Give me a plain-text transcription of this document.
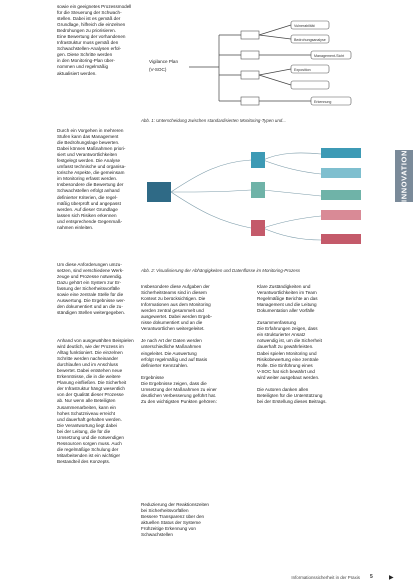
Vigilance Plan
(V-SOC)
Vulnerabilität
Bedrohungsanalyse
Management-Sicht
Exposition
Erkennung
Abb. 1: Unterscheidung zwischen standardisierten Monitoring-Typen und...
Abb. 2: Visualisierung der Abhängigkeiten und Datenflüsse im Monitoring-Prozess
INNOVATION
sowie ein geeignetes Prozessmodell
für die Steuerung der Schwach-
stellen. Dabei ist es gemäß der
Grundlage, hilfreich die einzelnen
Bedrohungen zu priorisieren.
Eine Bewertung der vorhandenen
Infrastruktur muss gemäß den
Schwachstellen-Analysen erfol-
gen. Diese Schritte werden
in den Monitoring-Plan über-
nommen und regelmäßig
aktualisiert werden.
Durch ein Vorgehen in mehreren
Stufen kann das Management
die Bedrohungslage bewerten.
Dabei können Maßnahmen priori-
siert und Verantwortlichkeiten
festgelegt werden. Die Analyse
umfasst technische und organisa-
torische Aspekte, die gemeinsam
im Monitoring erfasst werden.
Insbesondere die Bewertung der
Schwachstellen erfolgt anhand
definierter Kriterien, die regel-
mäßig überprüft und angepasst
werden. Auf dieser Grundlage
lassen sich Risiken erkennen
und entsprechende Gegenmaß-
nahmen einleiten.
Um diese Anforderungen umzu-
setzen, sind verschiedene Werk-
zeuge und Prozesse notwendig.
Dazu gehört ein System zur Er-
fassung der Sicherheitsvorfälle
sowie eine zentrale Stelle für die
Auswertung. Die Ergebnisse wer-
den dokumentiert und an die zu-
ständigen Stellen weitergegeben.
Anhand von ausgewählten Beispielen
wird deutlich, wie der Prozess im
Alltag funktioniert. Die einzelnen
Schritte werden nacheinander
durchlaufen und im Anschluss
bewertet. Dabei entstehen neue
Erkenntnisse, die in die weitere
Planung einfließen. Die Sicherheit
der Infrastruktur hängt wesentlich
von der Qualität dieser Prozesse
ab. Nur wenn alle Beteiligten
zusammenarbeiten, kann ein
hohes Schutzniveau erreicht
und dauerhaft gehalten werden.
Die Verantwortung liegt dabei
bei der Leitung, die für die
Umsetzung und die notwendigen
Ressourcen sorgen muss. Auch
die regelmäßige Schulung der
Mitarbeitenden ist ein wichtiger
Bestandteil des Konzepts.
Insbesondere diese Aufgaben der
Sicherheitsteams sind in diesem
Kontext zu berücksichtigen. Die
Informationen aus dem Monitoring
werden zentral gesammelt und
ausgewertet. Dabei werden Ergeb-
nisse dokumentiert und an die
Verantwortlichen weitergeleitet.
Je nach Art der Daten werden
unterschiedliche Maßnahmen
eingeleitet. Die Auswertung
erfolgt regelmäßig und auf Basis
definierter Kennzahlen.
Ergebnisse
Die Ergebnisse zeigen, dass die
Umsetzung der Maßnahmen zu einer
deutlichen Verbesserung geführt hat.
Zu den wichtigsten Punkten gehören:
Reduzierung der Reaktionszeiten
bei Sicherheitsvorfällen
Bessere Transparenz über den
aktuellen Status der Systeme
Frühzeitige Erkennung von
Schwachstellen
Klare Zuständigkeiten und
Verantwortlichkeiten im Team
Regelmäßige Berichte an das
Management und die Leitung
Dokumentation aller Vorfälle
Zusammenfassung
Die Erfahrungen zeigen, dass
ein strukturierter Ansatz
notwendig ist, um die Sicherheit
dauerhaft zu gewährleisten.
Dabei spielen Monitoring und
Risikobewertung eine zentrale
Rolle. Die Einführung eines
V-SOC hat sich bewährt und
wird weiter ausgebaut werden.
Die Autoren danken allen
Beteiligten für die Unterstützung
bei der Erstellung dieses Beitrags.
Informationssicherheit in der Praxis 5	▶
